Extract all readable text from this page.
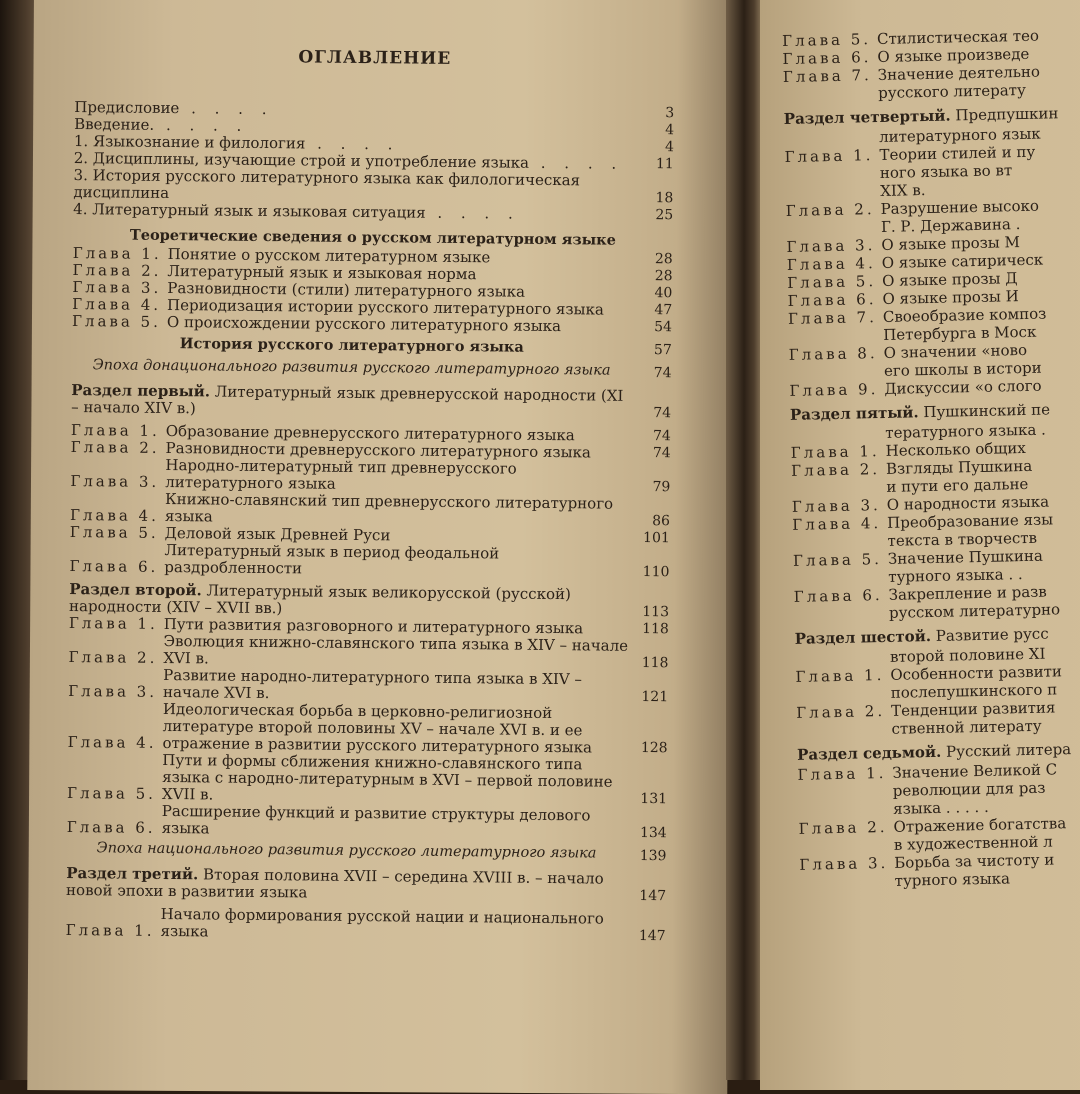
Глава 5. Стилистическая тео
Глава 6. О языке произведе
Глава 7. Значение деятельно
русского литерату
Раздел четвертый. Предпушкин
литературного язык
Глава 1. Теории стилей и пу
ного языка во вт
XIX в.
Глава 2. Разрушение высоко
Г. Р. Державина .
Глава 3. О языке прозы М
Глава 4. О языке сатирическ
Глава 5. О языке прозы Д
Глава 6. О языке прозы И
Глава 7. Своеобразие композ
Петербурга в Моск
Глава 8. О значении «ново
его школы в истори
Глава 9. Дискуссии «о слого
Раздел пятый. Пушкинский пе
тературного языка .
Глава 1. Несколько общих
Глава 2. Взгляды Пушкина
и пути его дальне
Глава 3. О народности языка
Глава 4. Преобразование язы
текста в творчеств
Глава 5. Значение Пушкина
турного языка . .
Глава 6. Закрепление и разв
русском литературно
Раздел шестой. Развитие русс
второй половине XI
Глава 1. Особенности развити
послепушкинского п
Глава 2. Тенденции развития
ственной литерату
Раздел седьмой. Русский литера
Глава 1. Значение Великой С
революции для раз
языка . . . . .
Глава 2. Отражение богатства
в художественной л
Глава 3. Борьба за чистоту и
турного языка
ОГЛАВЛЕНИЕ
Предисловие . . . .	3
Введение. . . . .	4
1. Языкознание и филология . . . .	4
2. Дисциплины, изучающие строй и употребление языка . . . .	11
3. История русского литературного языка как филологическая дисциплина	18
4. Литературный язык и языковая ситуация . . . .	25
Теоретические сведения о русском литературном языке
Глава 1. Понятие о русском литературном языке	28
Глава 2. Литературный язык и языковая норма	28
Глава 3. Разновидности (стили) литературного языка	40
Глава 4. Периодизация истории русского литературного языка	47
Глава 5. О происхождении русского литературного языка	54
История русского литературного языка	57
Эпоха донационального развития русского литературного языка	74
Раздел первый. Литературный язык древнерусской народности (XI – начало XIV в.)	74
Глава 1. Образование древнерусского литературного языка	74
Глава 2. Разновидности древнерусского литературного языка	74
Глава 3.
Народно-литературный тип древнерусского литературного языка	79
Глава 4.
Книжно-славянский тип древнерусского литературного языка	86
Глава 5. Деловой язык Древней Руси	101
Глава 6.
Литературный язык в период феодальной раздробленности	110
Раздел второй. Литературный язык великорусской (русской) народности (XIV – XVII вв.)	113
Глава 1. Пути развития разговорного и литературного языка	118
Глава 2.
Эволюция книжно-славянского типа языка в XIV – начале XVI в.	118
Глава 3.
Развитие народно-литературного типа языка в XIV – начале XVI в.	121
Глава 4.
Идеологическая борьба в церковно-религиозной литературе второй половины XV – начале XVI в. и ее отражение в развитии русского литературного языка	128
Глава 5.
Пути и формы сближения книжно-славянского типа языка с народно-литературным в XVI – первой половине XVII в.	131
Глава 6.
Расширение функций и развитие структуры делового языка	134
Эпоха национального развития русского литературного языка	139
Раздел третий. Вторая половина XVII – середина XVIII в. – начало новой эпохи в развитии языка	147
Глава 1.
Начало формирования русской нации и национального языка	147
